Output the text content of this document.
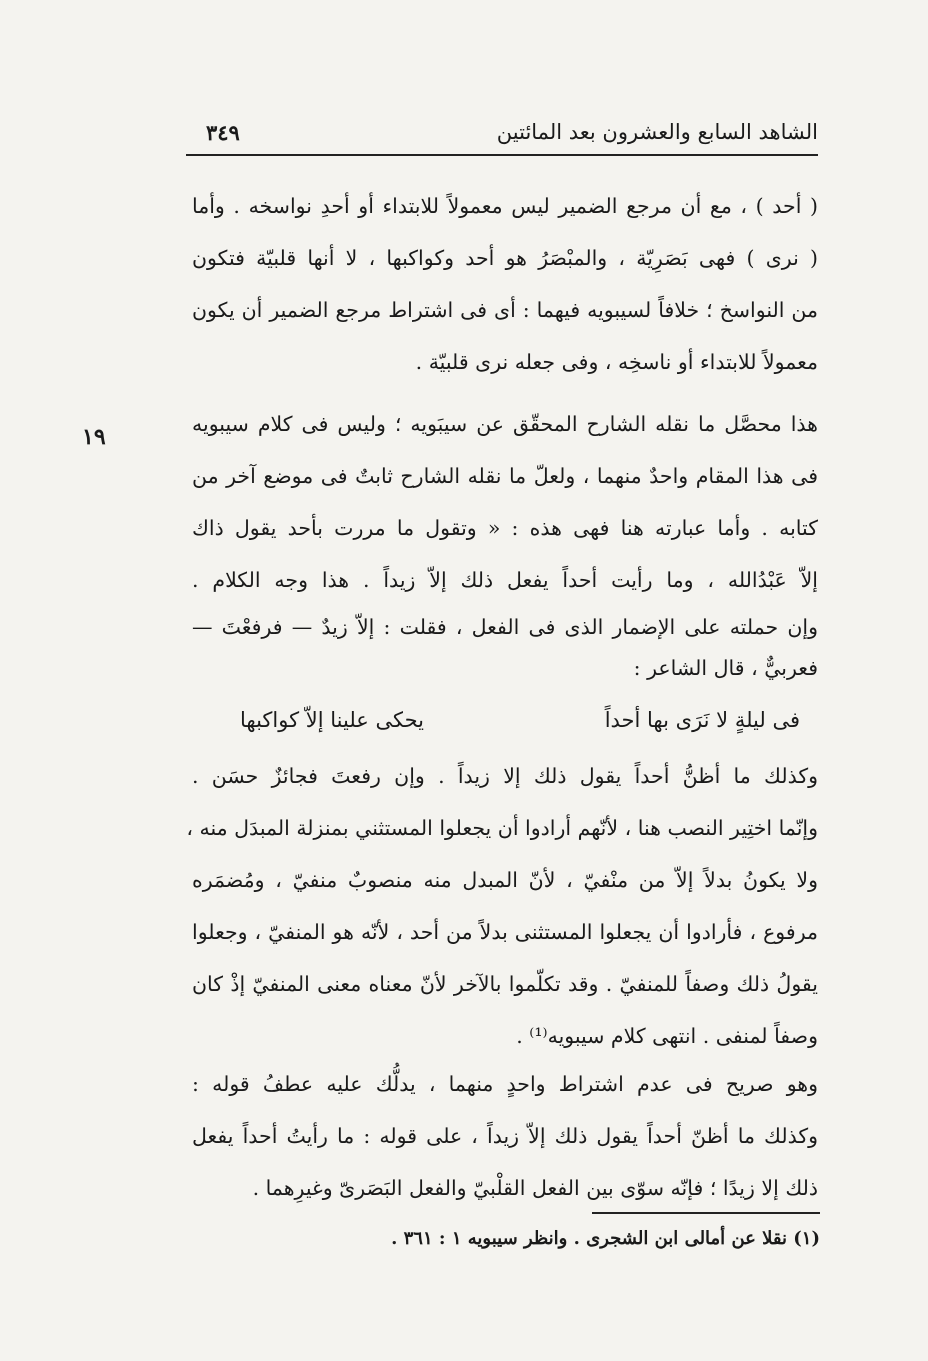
الشاهد السابع والعشرون بعد المائتين
٣٤٩
١٩
( أحد ) ، مع أن مرجع الضمير ليس معمولاً للابتداء أو أحدِ نواسخه . وأما
( نرى ) فهى بَصَرِيّة ، والمبْصَرُ هو أحد وكواكبها ، لا أنها قلبيّة فتكون
من النواسخ ؛ خلافاً لسيبويه فيهما : أى فى اشتراط مرجع الضمير أن يكون
معمولاً للابتداء أو ناسخِه ، وفى جعله نرى قلبيّة .
هذا محصَّل ما نقله الشارح المحقّق عن سيبَويه ؛ وليس فى كلام سيبويه
فى هذا المقام واحدٌ منهما ، ولعلّ ما نقله الشارح ثابتٌ فى موضع آخر من
كتابه . وأما عبارته هنا فهى هذه : « وتقول ما مررت بأحد يقول ذاك
إلاّ عَبْدُالله ، وما رأيت أحداً يفعل ذلك إلاّ زيداً . هذا وجه الكلام .
وإن حملته على الإضمار الذى فى الفعل ، فقلت : إلاّ زيدٌ — فرفعْتَ —
فعربيٌّ ، قال الشاعر :
فى ليلةٍ لا نَرَى بها أحداً
يحكى علينا إلاّ كواكبها
وكذلك ما أظنُّ أحداً يقول ذلك إلا زيداً . وإن رفعتَ فجائزٌ حسَن .
وإنّما اختِير النصب هنا ، لأنّهم أرادوا أن يجعلوا المستثني بمنزلة المبدَل منه ،
ولا يكونُ بدلاً إلاّ من منْفيّ ، لأنّ المبدل منه منصوبٌ منفيّ ، ومُضمَره
مرفوع ، فأرادوا أن يجعلوا المستثنى بدلاً من أحد ، لأنّه هو المنفيّ ، وجعلوا
يقولُ ذلك وصفاً للمنفيّ . وقد تكلّموا بالآخر لأنّ معناه معنى المنفيّ إذْ كان
وصفاً لمنفى . انتهى كلام سيبويه⁽¹⁾ .
وهو صريح فى عدم اشتراط واحدٍ منهما ، يدلُّك عليه عطفُ قوله :
وكذلك ما أظنّ أحداً يقول ذلك إلاّ زيداً ، على قوله : ما رأيتُ أحداً يفعل
ذلك إلا زيدًا ؛ فإنّه سوّى بين الفعل القلْبيّ والفعل البَصَرىّ وغيرِهما .
(١) نقلا عن أمالى ابن الشجرى . وانظر سيبويه ١ : ٣٦١ .
